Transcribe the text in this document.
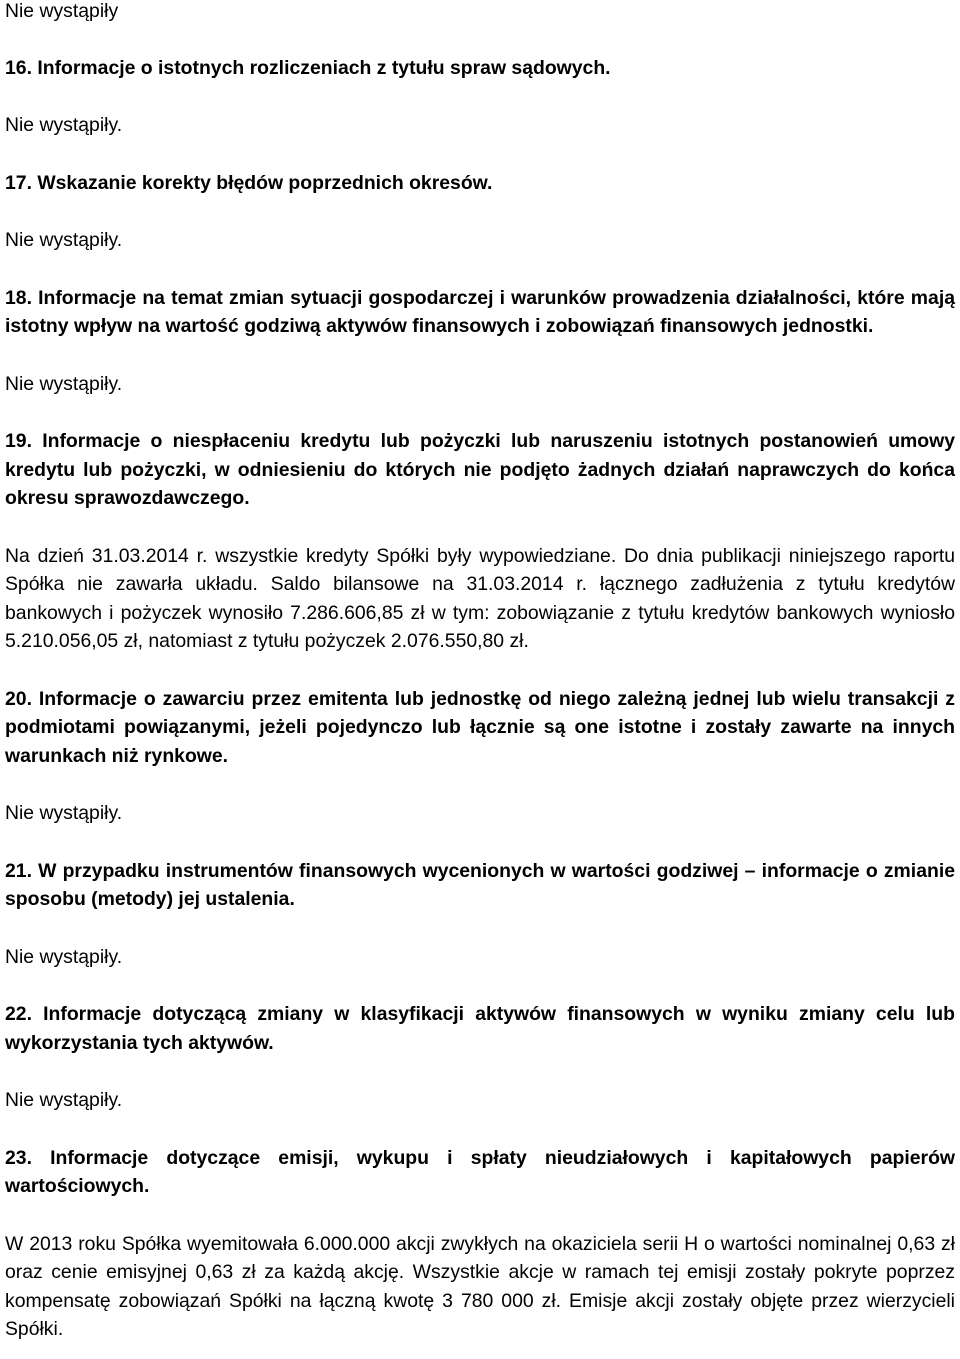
Nie wystąpiły

16. Informacje o istotnych rozliczeniach z tytułu spraw sądowych.

Nie wystąpiły.

17. Wskazanie korekty błędów poprzednich okresów.

Nie wystąpiły.

18. Informacje na temat zmian sytuacji gospodarczej i warunków prowadzenia działalności, które mają istotny wpływ na wartość godziwą aktywów finansowych i zobowiązań finansowych jednostki.

Nie wystąpiły.

19. Informacje o niespłaceniu kredytu lub pożyczki lub naruszeniu istotnych postanowień umowy kredytu lub pożyczki, w odniesieniu do których nie podjęto żadnych działań naprawczych do końca okresu sprawozdawczego.

Na dzień 31.03.2014 r. wszystkie kredyty Spółki były wypowiedziane. Do dnia publikacji niniejszego raportu Spółka nie zawarła układu. Saldo bilansowe na 31.03.2014 r. łącznego zadłużenia z tytułu kredytów bankowych i pożyczek wynosiło 7.286.606,85 zł w tym: zobowiązanie z tytułu kredytów bankowych wyniosło 5.210.056,05 zł, natomiast z tytułu pożyczek 2.076.550,80 zł.

20. Informacje o zawarciu przez emitenta lub jednostkę od niego zależną jednej lub wielu transakcji z podmiotami powiązanymi, jeżeli pojedynczo lub łącznie są one istotne i zostały zawarte na innych warunkach niż rynkowe.

Nie wystąpiły.

21. W przypadku instrumentów finansowych wycenionych w wartości godziwej – informacje o zmianie sposobu (metody) jej ustalenia.

Nie wystąpiły.

22. Informacje dotyczącą zmiany w klasyfikacji aktywów finansowych w wyniku zmiany celu lub wykorzystania tych aktywów.

Nie wystąpiły.

23. Informacje dotyczące emisji, wykupu i spłaty nieudziałowych i kapitałowych papierów wartościowych.

W 2013 roku Spółka wyemitowała 6.000.000 akcji zwykłych na okaziciela serii H o wartości nominalnej 0,63 zł oraz cenie emisyjnej 0,63 zł za każdą akcję. Wszystkie akcje w ramach tej emisji zostały pokryte poprzez kompensatę zobowiązań Spółki na łączną kwotę 3 780 000 zł. Emisje akcji zostały objęte przez wierzycieli Spółki.
